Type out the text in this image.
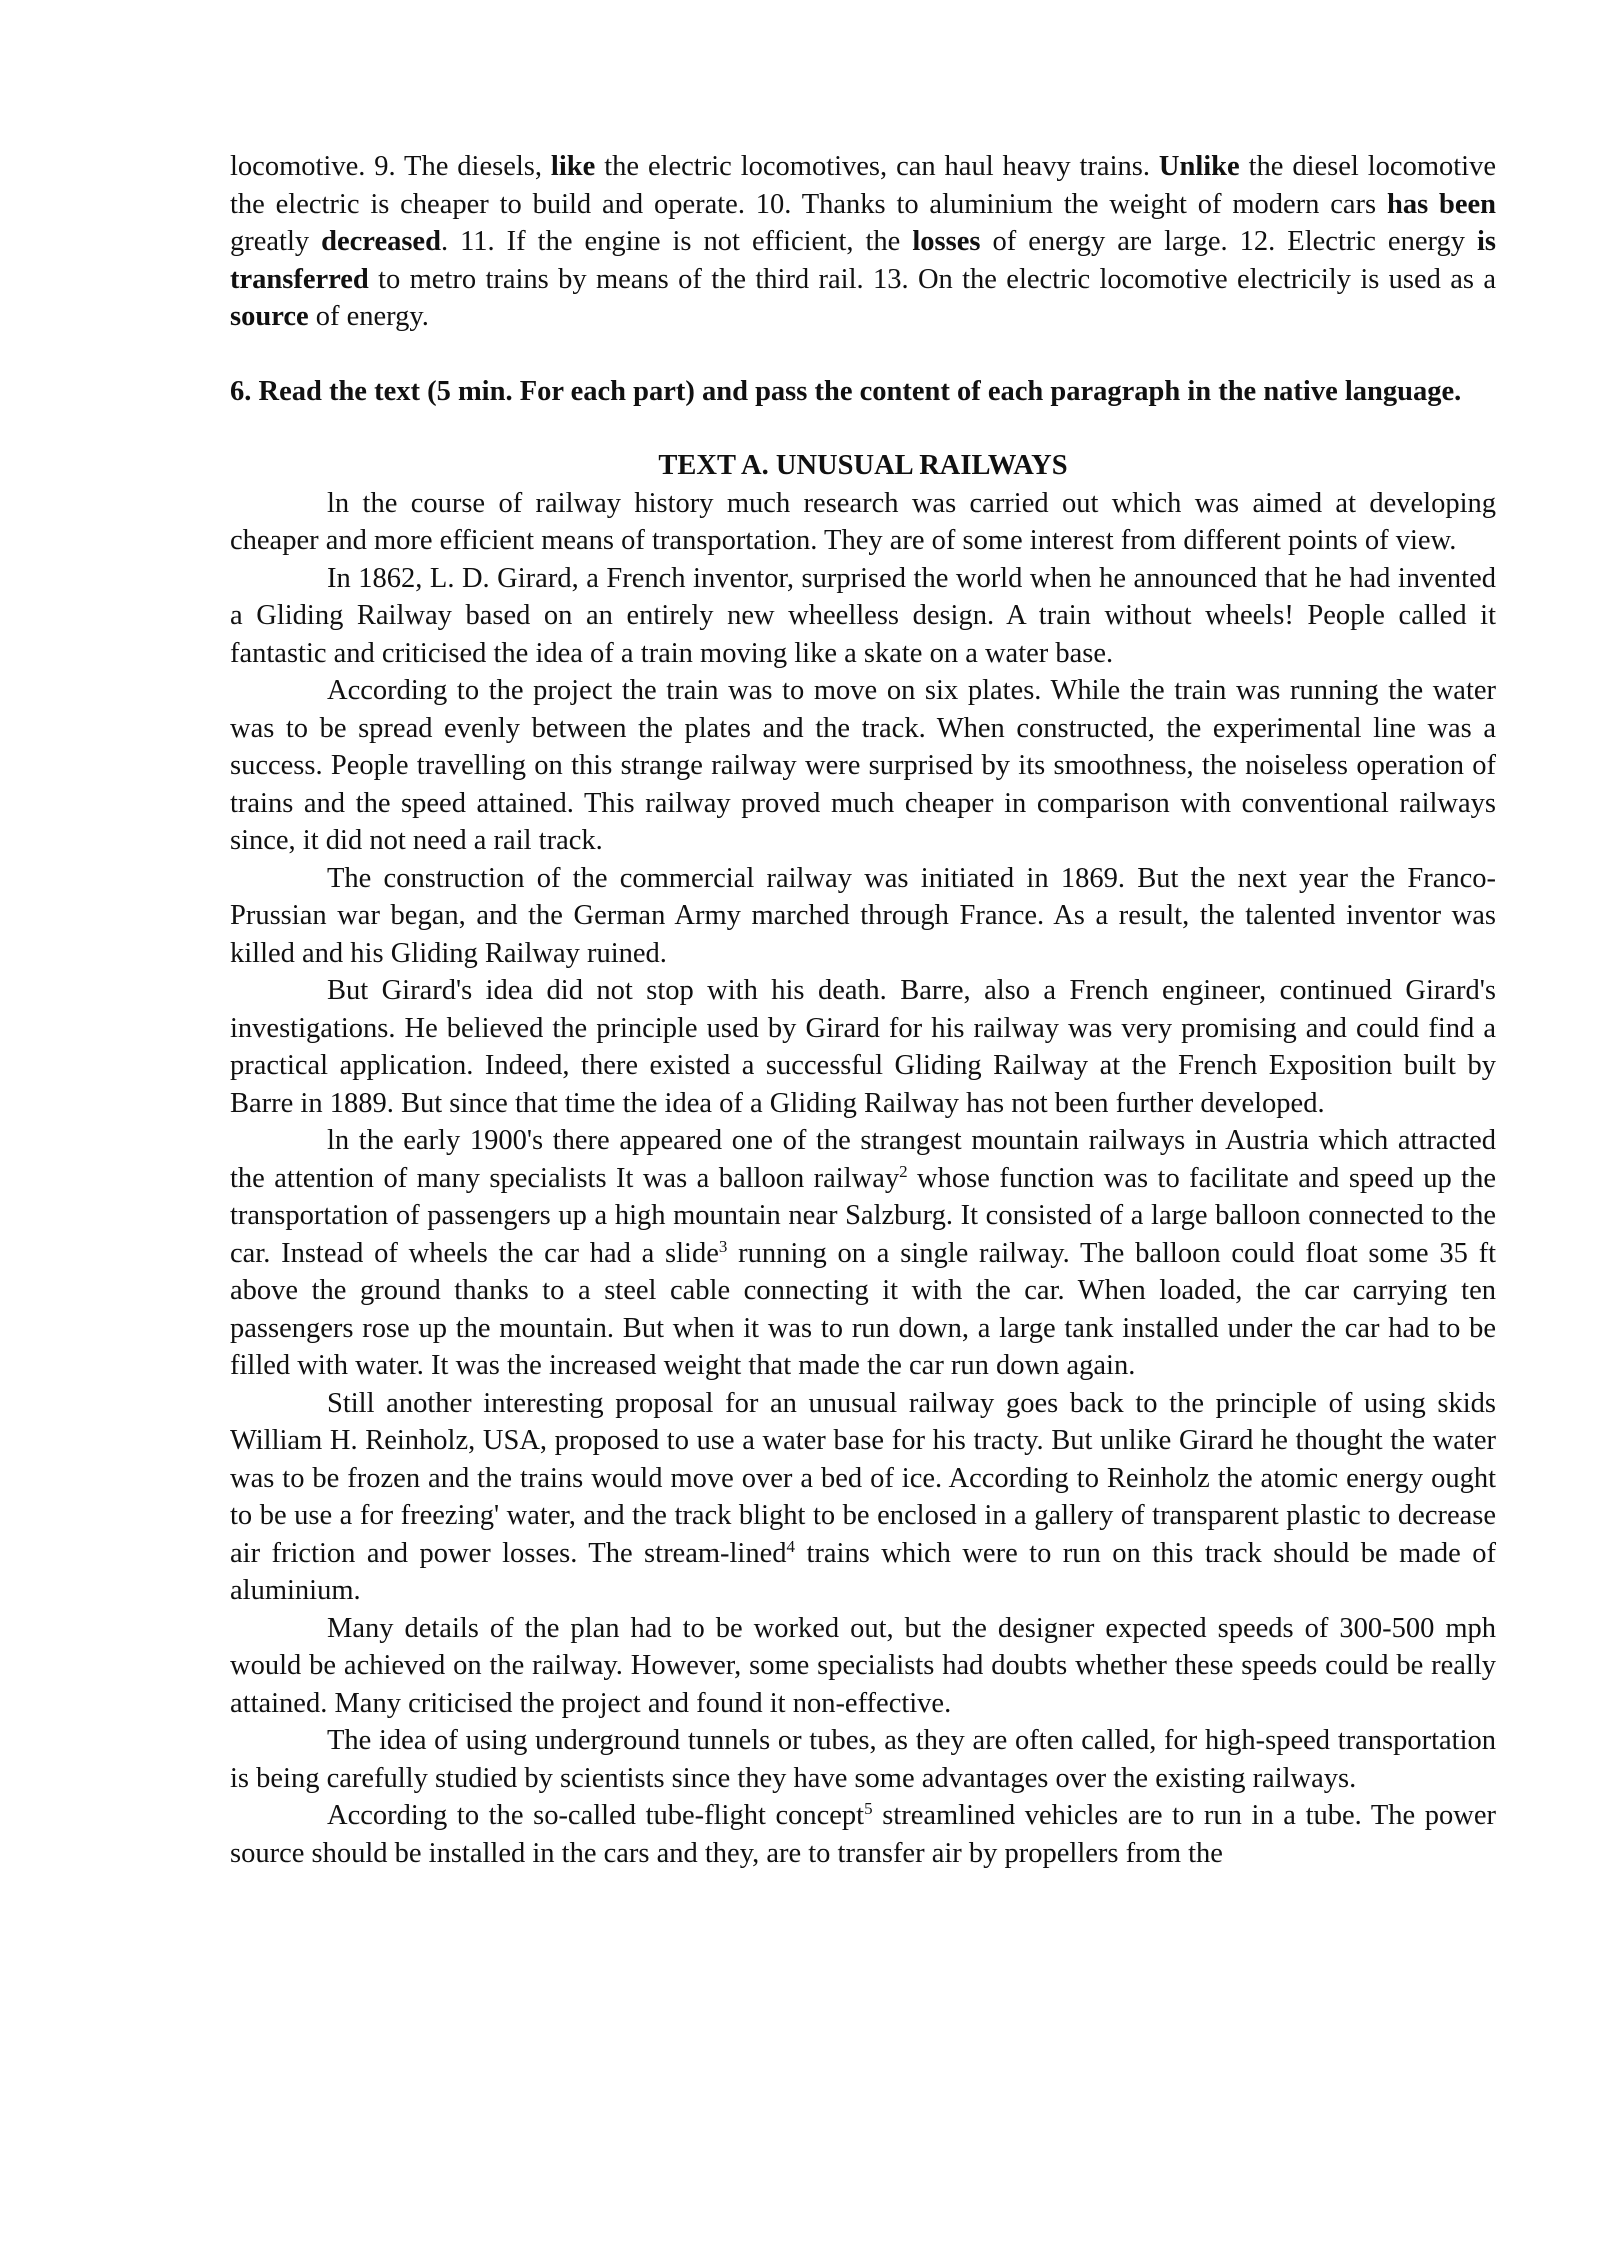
locomotive. 9. The diesels, like the electric locomotives, can haul heavy trains. Unlike the diesel locomotive the electric is cheaper to build and operate. 10. Thanks to aluminium the weight of modern cars has been greatly decreased. 11. If the engine is not efficient, the losses of energy are large. 12. Electric energy is transferred to metro trains by means of the third rail. 13. On the electric locomotive electricily is used as a source of energy.

6. Read the text (5 min. For each part) and pass the content of each paragraph in the native language.

TEXT A. UNUSUAL RAILWAYS

ln the course of railway history much research was carried out which was aimed at developing cheaper and more efficient means of transportation. They are of some interest from different points of view.

In 1862, L. D. Girard, a French inventor, surprised the world when he announced that he had invented a Gliding Railway based on an entirely new wheelless design. A train without wheels! People called it fantastic and criticised the idea of a train moving like a skate on a water base.

According to the project the train was to move on six plates. While the train was running the water was to be spread evenly between the plates and the track. When constructed, the experimental line was a success. People travelling on this strange railway were surprised by its smoothness, the noiseless operation of trains and the speed attained. This railway proved much cheaper in comparison with conventional railways since, it did not need a rail track.

The construction of the commercial railway was initiated in 1869. But the next year the Franco-Prussian war began, and the German Army marched through France. As a result, the talented inventor was killed and his Gliding Railway ruined.

But Girard's idea did not stop with his death. Barre, also a French engineer, continued Girard's investigations. He believed the principle used by Girard for his railway was very promising and could find a practical application. Indeed, there existed a successful Gliding Railway at the French Exposition built by Barre in 1889. But since that time the idea of a Gliding Railway has not been further developed.

ln the early 1900's there appeared one of the strangest mountain railways in Austria which attracted the attention of many specialists It was a balloon railway$^2$ whose function was to facilitate and speed up the transportation of passengers up a high mountain near Salzburg. It consisted of a large balloon connected to the car. Instead of wheels the car had a slide$^3$ running on a single railway. The balloon could float some 35 ft above the ground thanks to a steel cable connecting it with the car. When loaded, the car carrying ten passengers rose up the mountain. But when it was to run down, a large tank installed under the car had to be filled with water. It was the increased weight that made the car run down again.

Still another interesting proposal for an unusual railway goes back to the principle of using skids William H. Reinholz, USA, proposed to use a water base for his tracty. But unlike Girard he thought the water was to be frozen and the trains would move over a bed of ice. According to Reinholz the atomic energy ought to be use a for freezing' water, and the track blight to be enclosed in a gallery of transparent plastic to decrease air friction and power losses. The stream-lined$^4$ trains which were to run on this track should be made of aluminium.

Many details of the plan had to be worked out, but the designer expected speeds of 300-500 mph would be achieved on the railway. However, some specialists had doubts whether these speeds could be really attained. Many criticised the project and found it non-effective.

The idea of using underground tunnels or tubes, as they are often called, for high-speed transportation is being carefully studied by scientists since they have some advantages over the existing railways.

According to the so-called tube-flight concept$^5$ streamlined vehicles are to run in a tube. The power source should be installed in the cars and they, are to transfer air by propellers from the
